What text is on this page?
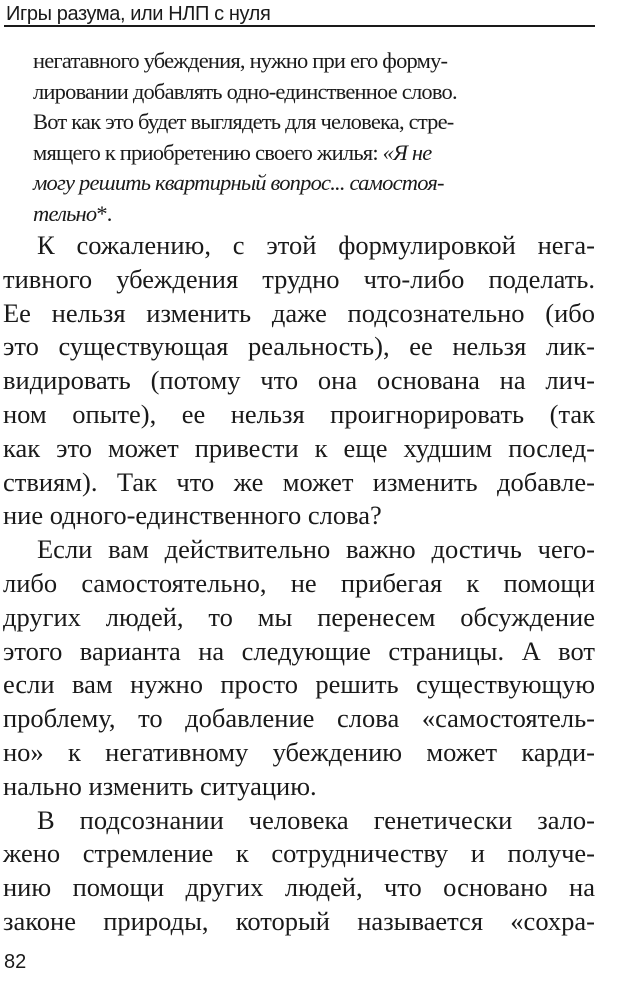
Игры разума, или НЛП с нуля
негатавного убеждения, нужно при его форму-
лировании добавлять одно-единственное слово.
Вот как это будет выглядеть для человека, стре-
мящего к приобретению своего жилья: «Я не
могу решить квартирный вопрос... самостоя-
тельно*.
К сожалению, с этой формулировкой нега-
тивного убеждения трудно что-либо поделать.
Ее нельзя изменить даже подсознательно (ибо
это существующая реальность), ее нельзя лик-
видировать (потому что она основана на лич-
ном опыте), ее нельзя проигнорировать (так
как это может привести к еще худшим послед-
ствиям). Так что же может изменить добавле-
ние одного-единственного слова?
Если вам действительно важно достичь чего-
либо самостоятельно, не прибегая к помощи
других людей, то мы перенесем обсуждение
этого варианта на следующие страницы. А вот
если вам нужно просто решить существующую
проблему, то добавление слова «самостоятель-
но» к негативному убеждению может карди-
нально изменить ситуацию.
В подсознании человека генетически зало-
жено стремление к сотрудничеству и получе-
нию помощи других людей, что основано на
законе природы, который называется «сохра-
82
